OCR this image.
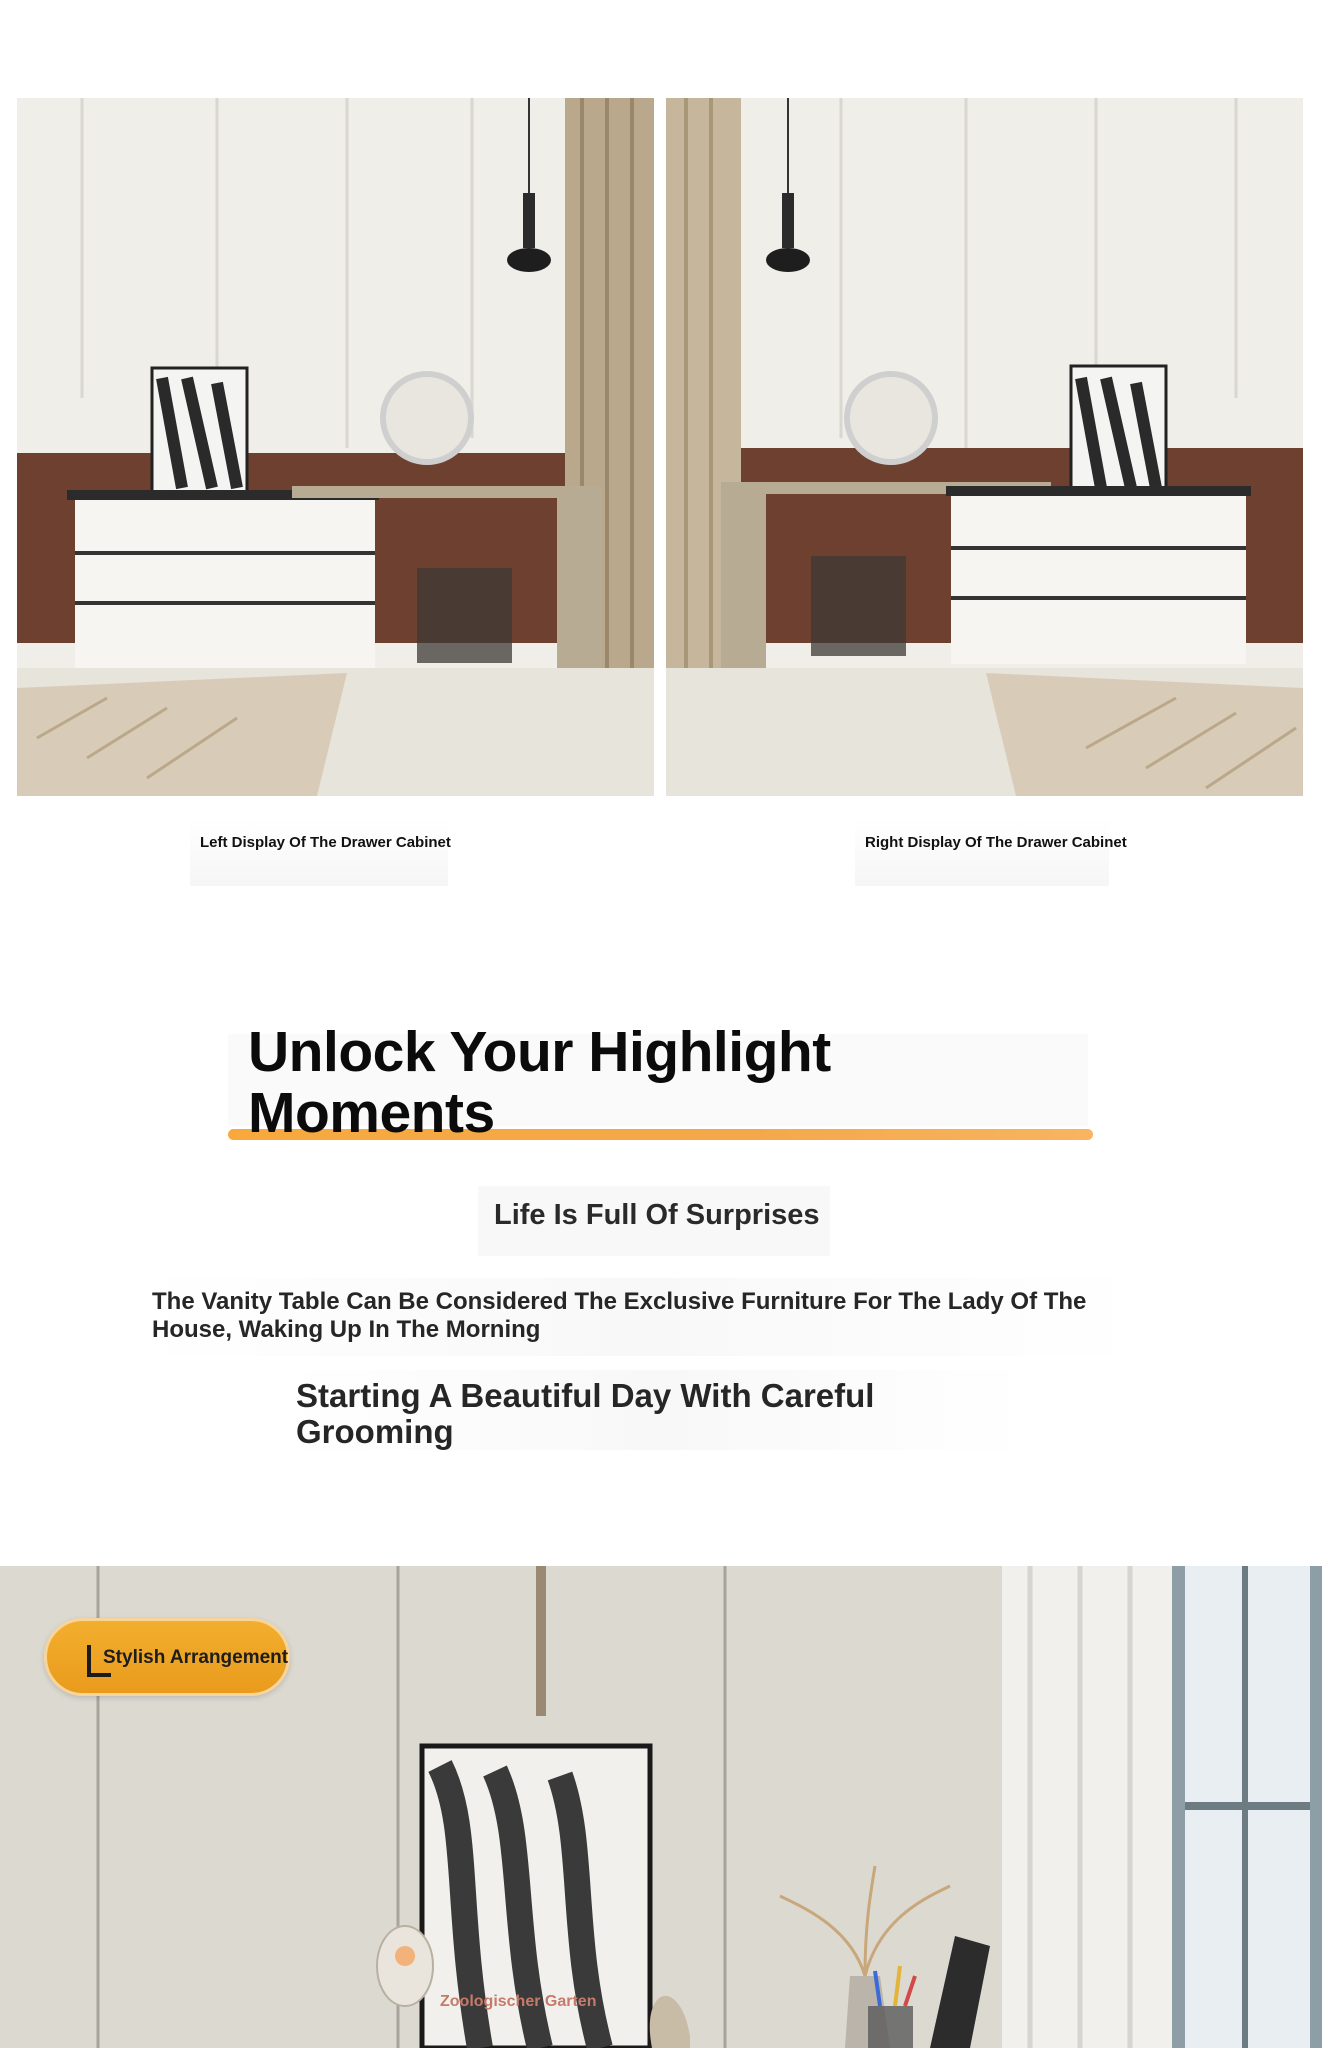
Left Display Of The Drawer Cabinet	Right Display Of The Drawer Cabinet
Unlock Your Highlight Moments
Life Is Full Of Surprises

The Vanity Table Can Be Considered The Exclusive Furniture For The Lady Of The House, Waking Up In The Morning

Starting A Beautiful Day With Careful Grooming
Zoologischer Garten
Stylish Arrangement
